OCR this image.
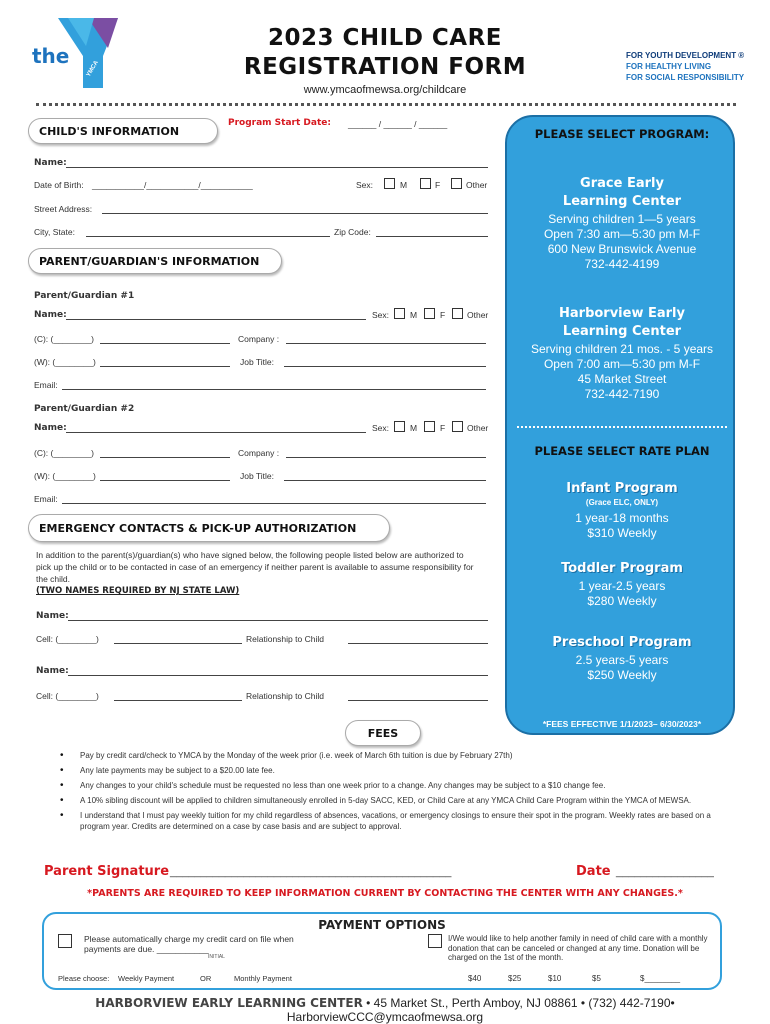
the
YMCA
2023 CHILD CARE
REGISTRATION FORM
www.ymcaofmewsa.org/childcare
FOR YOUTH DEVELOPMENT ®
FOR HEALTHY LIVING
FOR SOCIAL RESPONSIBILITY
CHILD'S INFORMATION
Program Start Date: ______ / ______ / ______
Name:
Date of Birth: ___________/___________/___________	Sex:	M	F	Other
Street Address:
City, State:	Zip Code:
PARENT/GUARDIAN'S INFORMATION
Parent/Guardian #1
Name:	Sex: M	F	Other
(C): (________)	Company :
(W): (________)	Job Title:
Email:
Parent/Guardian #2
Name:	Sex: M	F	Other
(C): (________)	Company :
(W): (________)	Job Title:
Email:
EMERGENCY CONTACTS & PICK-UP AUTHORIZATION
In addition to the parent(s)/guardian(s) who have signed below, the following people listed below are authorized to pick up the child or to be contacted in case of an emergency if neither parent is available to assume responsibility for the child.
(TWO NAMES REQUIRED BY NJ STATE LAW)
Name:
Cell: (________)	Relationship to Child
Name:
Cell: (________)	Relationship to Child
PLEASE SELECT PROGRAM:
Grace Early
Learning Center
Serving children 1—5 years
Open 7:30 am—5:30 pm M-F
600 New Brunswick Avenue
732-442-4199
Harborview Early
Learning Center
Serving children 21 mos. - 5 years
Open 7:00 am—5:30 pm M-F
45 Market Street
732-442-7190
PLEASE SELECT RATE PLAN
Infant Program
(Grace ELC, ONLY)
1 year-18 months
$310 Weekly
Toddler Program
1 year-2.5 years
$280 Weekly
Preschool Program
2.5 years-5 years
$250 Weekly
*FEES EFFECTIVE 1/1/2023– 6/30/2023*
FEES
• Pay by credit card/check to YMCA by the Monday of the week prior (i.e. week of March 6th tuition is due by February 27th)
• Any late payments may be subject to a $20.00 late fee.
• Any changes to your child's schedule must be requested no less than one week prior to a change. Any changes may be subject to a $10 change fee.
• A 10% sibling discount will be applied to children simultaneously enrolled in 5-day SACC, KED, or Child Care at any YMCA Child Care Program within the YMCA of MEWSA.
• I understand that I must pay weekly tuition for my child regardless of absences, vacations, or emergency closings to ensure their spot in the program. Weekly rates are based on a program year. Credits are determined on a case by case basis and are subject to approval.
Parent Signature ______________________________________________	Date ________________
*PARENTS ARE REQUIRED TO KEEP INFORMATION CURRENT BY CONTACTING THE CENTER WITH ANY CHANGES.*
PAYMENT OPTIONS
Please automatically charge my credit card on file when payments are due. ___________
INITIAL
Please choose: Weekly Payment	OR	Monthly Payment
I/We would like to help another family in need of child care with a monthly donation that can be canceled or changed at any time. Donation will be charged on the 1st of the month.
$40	$25	$10	$5	$________
HARBORVIEW EARLY LEARNING CENTER • 45 Market St., Perth Amboy, NJ 08861 • (732) 442-7190• HarborviewCCC@ymcaofmewsa.org
